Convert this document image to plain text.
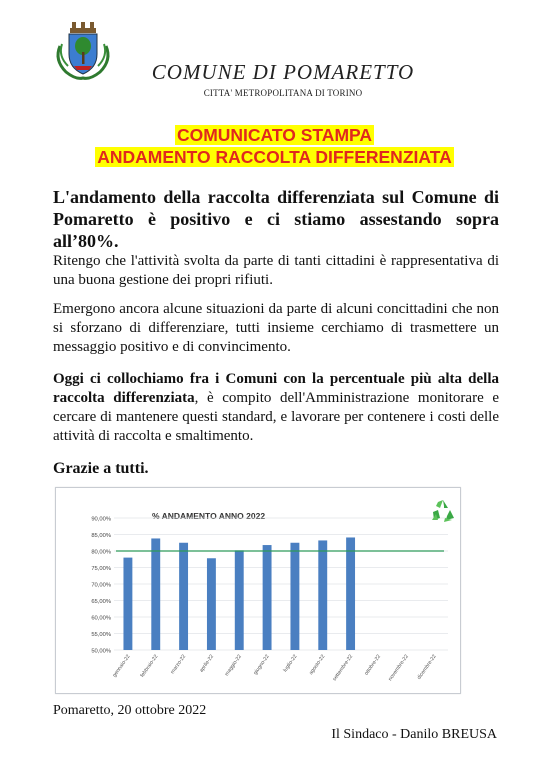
COMUNE DI POMARETTO
CITTA' METROPOLITANA DI TORINO
COMUNICATO STAMPA
ANDAMENTO RACCOLTA DIFFERENZIATA
L'andamento della raccolta differenziata sul Comune di Pomaretto è positivo e ci stiamo assestando sopra all’80%.
Ritengo che l'attività svolta da parte di tanti cittadini è rappresentativa di una buona gestione dei propri rifiuti.
Emergono ancora alcune situazioni da parte di alcuni concittadini che non si sforzano di differenziare, tutti insieme cerchiamo di trasmettere un messaggio positivo e di convincimento.
Oggi ci collochiamo fra i Comuni con la percentuale più alta della raccolta differenziata, è compito dell'Amministrazione monitorare e cercare di mantenere questi standard, e lavorare per contenere i costi delle attività di raccolta e smaltimento.
Grazie a tutti.
% ANDAMENTO ANNO 2022
50,00%
55,00%
60,00%
65,00%
70,00%
75,00%
80,00%
85,00%
90,00%
gennaio-22 febbraio-22 marzo-22 aprile-22 maggio-22 giugno-22 luglio-22 agosto-22 settembre-22 ottobre-22 novembre-22 dicembre-22
Pomaretto, 20 ottobre 2022
Il Sindaco - Danilo BREUSA
